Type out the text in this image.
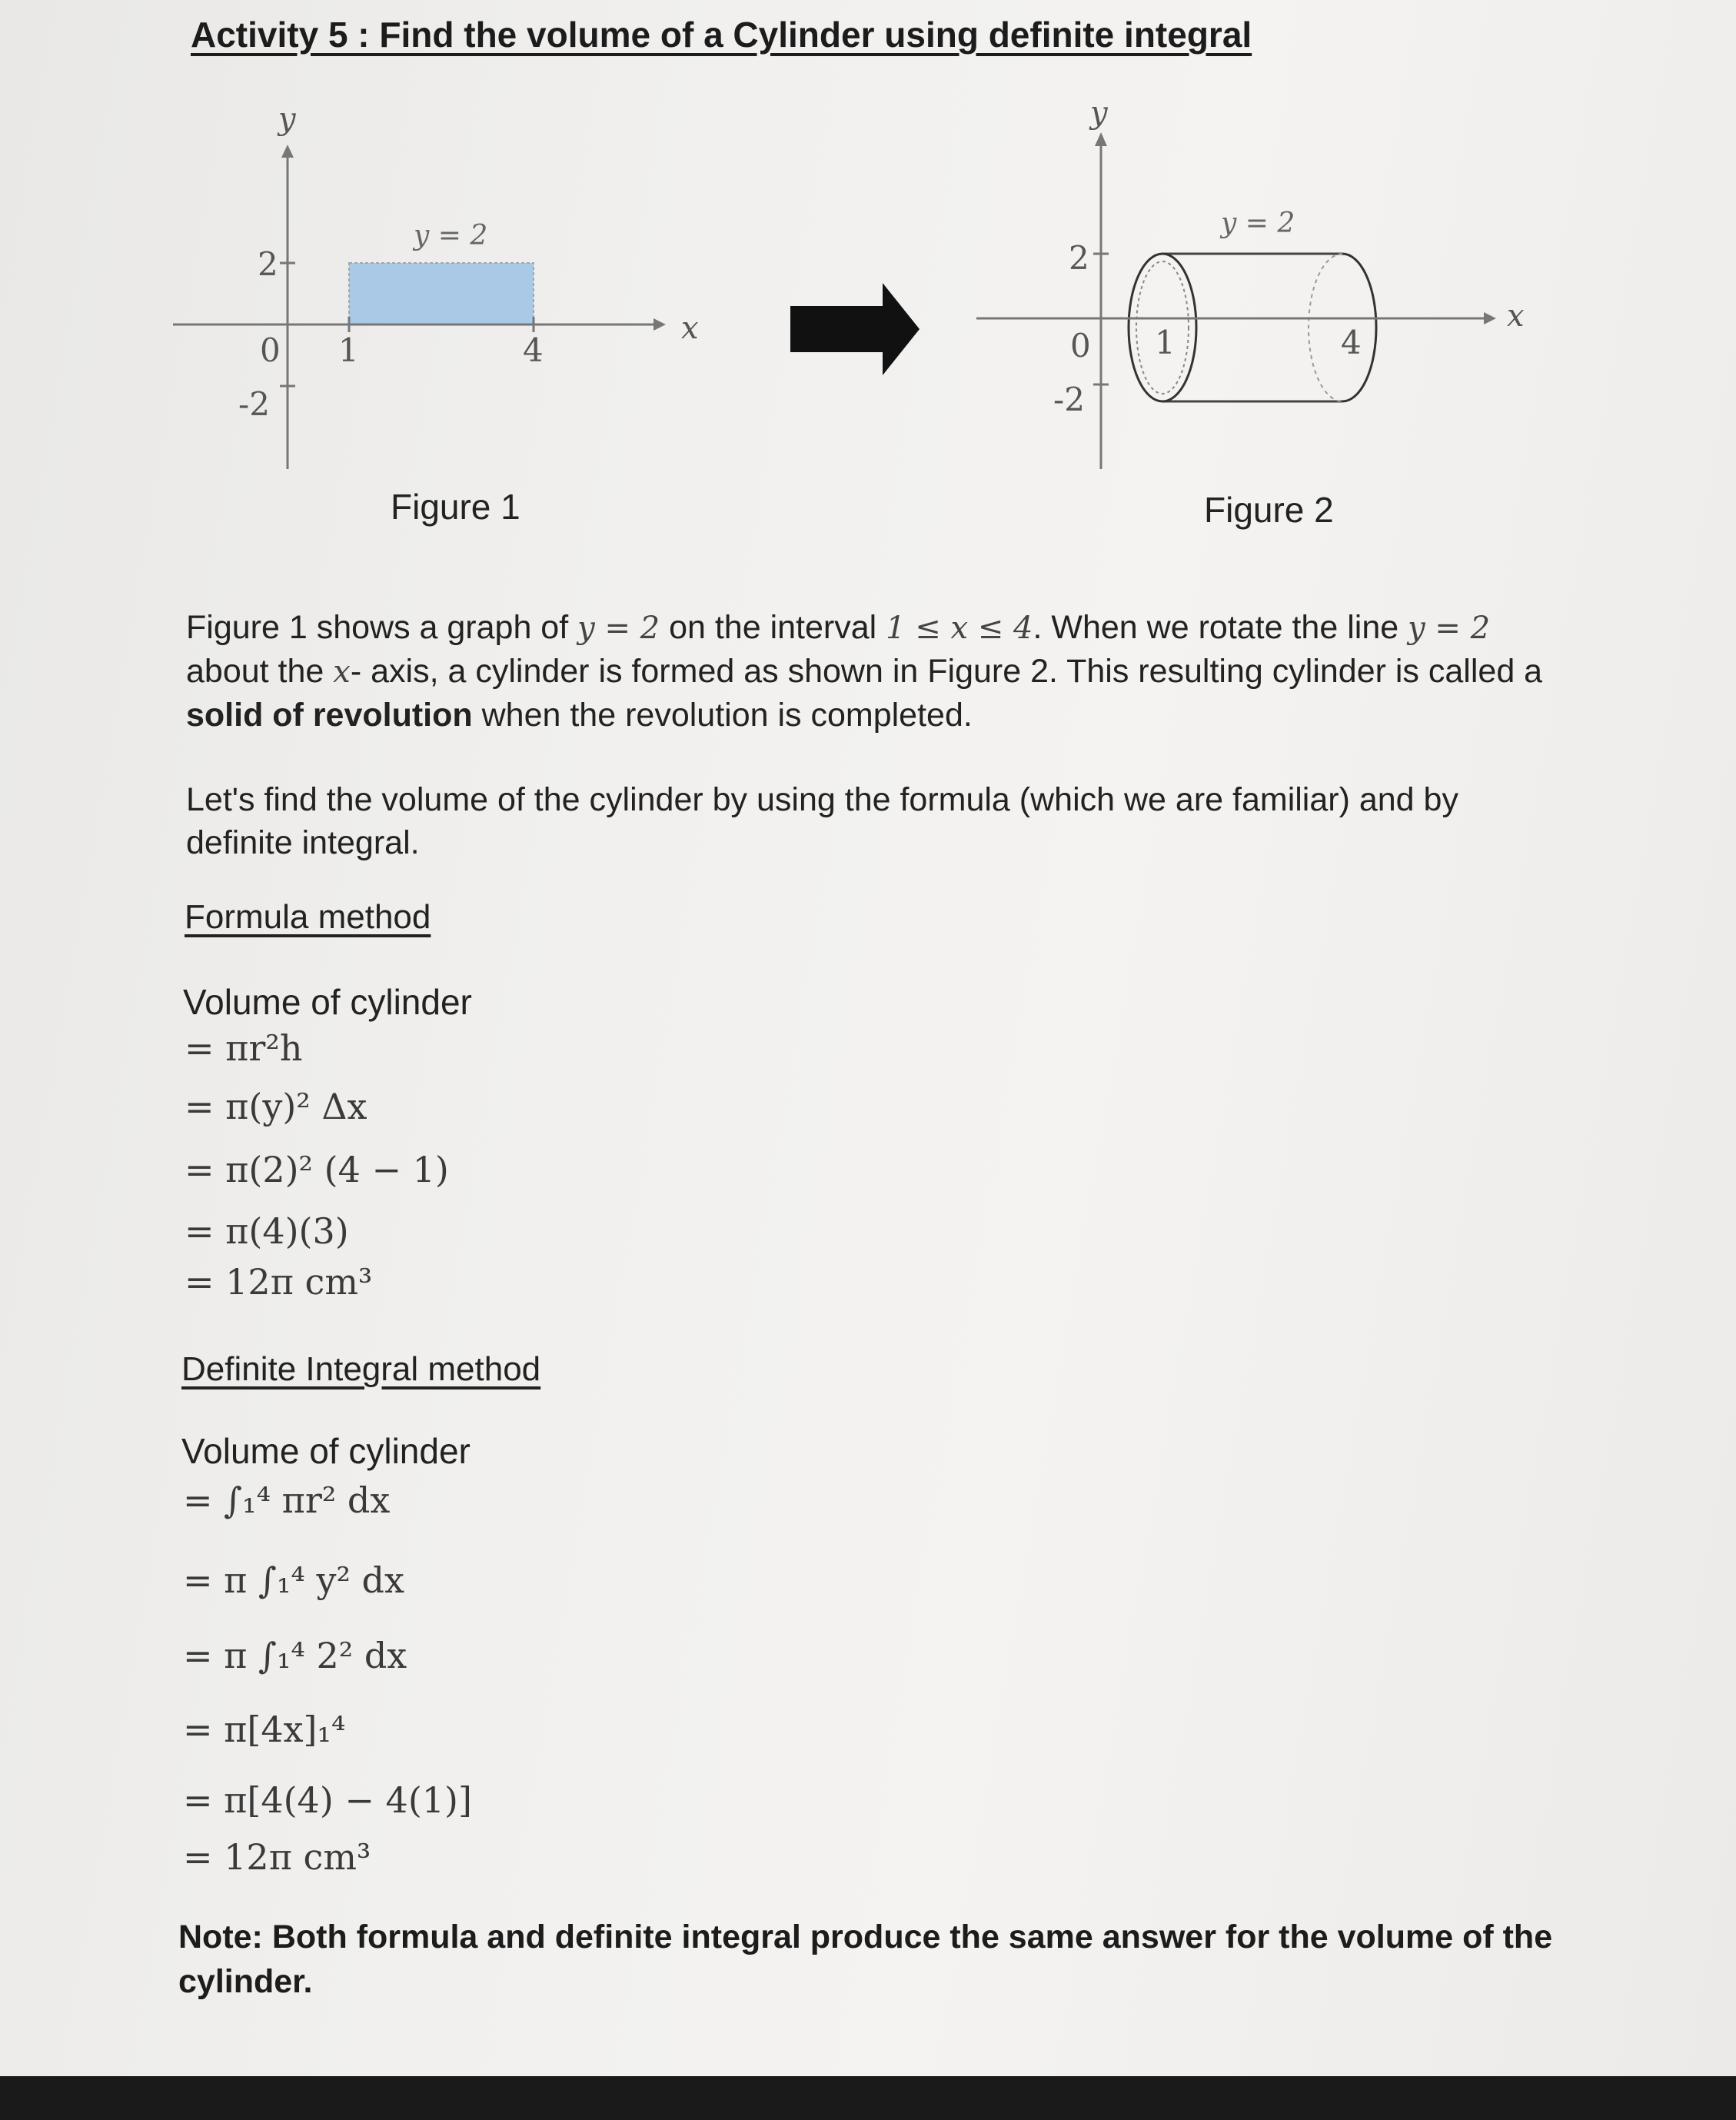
Activity 5 : Find the volume of a Cylinder using definite integral
y
x
y = 2
2
0
-2
1	4
y
x
y = 2
2
0
-2
1	4
Figure 1	Figure 2
Figure 1 shows a graph of y = 2 on the interval 1 ≤ x ≤ 4. When we rotate the line y = 2 about the x- axis, a cylinder is formed as shown in Figure 2. This resulting cylinder is called a solid of revolution when the revolution is completed.
Let's find the volume of the cylinder by using the formula (which we are familiar) and by definite integral.
Formula method
Volume of cylinder
= πr²h
= π(y)² Δx
= π(2)² (4 − 1)
= π(4)(3)
= 12π cm³
Definite Integral method
Volume of cylinder
= ∫₁⁴ πr² dx
= π ∫₁⁴ y² dx
= π ∫₁⁴ 2² dx
= π[4x]₁⁴
= π[4(4) − 4(1)]
= 12π cm³
Note: Both formula and definite integral produce the same answer for the volume of the cylinder.
